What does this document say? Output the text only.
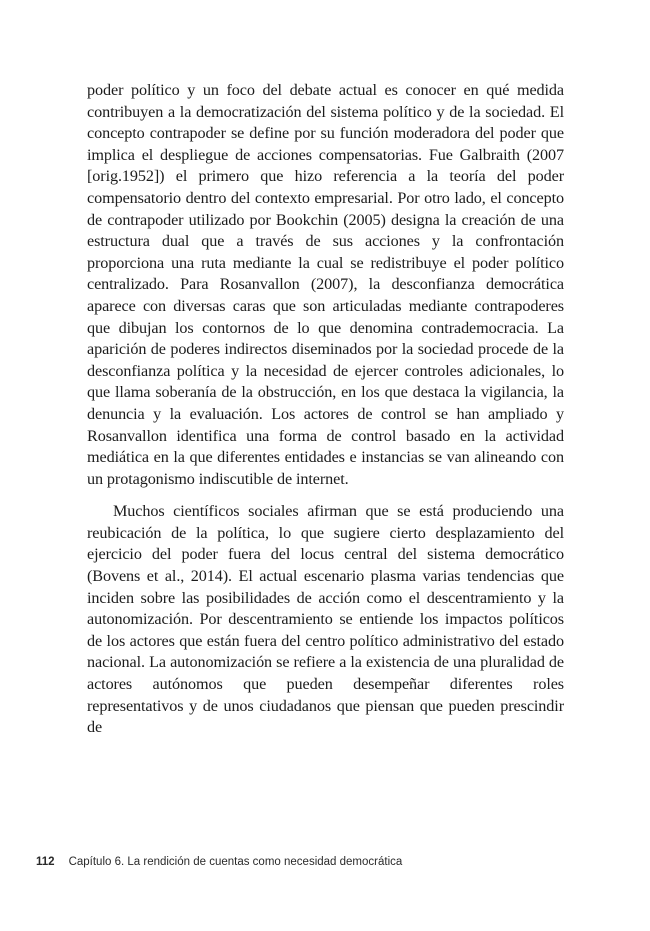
poder político y un foco del debate actual es conocer en qué medida contribuyen a la democratización del sistema político y de la sociedad. El concepto contrapoder se define por su función moderadora del poder que implica el despliegue de acciones compensatorias. Fue Galbraith (2007 [orig.1952]) el primero que hizo referencia a la teoría del poder compensatorio dentro del contexto empresarial. Por otro lado, el concepto de contrapoder utilizado por Bookchin (2005) designa la creación de una estructura dual que a través de sus acciones y la confrontación proporciona una ruta mediante la cual se redistribuye el poder político centralizado. Para Rosanvallon (2007), la desconfianza democrática aparece con diversas caras que son articuladas mediante contrapoderes que dibujan los contornos de lo que denomina contrademocracia. La aparición de poderes indirectos diseminados por la sociedad procede de la desconfianza política y la necesidad de ejercer controles adicionales, lo que llama soberanía de la obstrucción, en los que destaca la vigilancia, la denuncia y la evaluación. Los actores de control se han ampliado y Rosanvallon identifica una forma de control basado en la actividad mediática en la que diferentes entidades e instancias se van alineando con un protagonismo indiscutible de internet.

Muchos científicos sociales afirman que se está produciendo una reubicación de la política, lo que sugiere cierto desplazamiento del ejercicio del poder fuera del locus central del sistema democrático (Bovens et al., 2014). El actual escenario plasma varias tendencias que inciden sobre las posibilidades de acción como el descentramiento y la autonomización. Por descentramiento se entiende los impactos políticos de los actores que están fuera del centro político administrativo del estado nacional. La autonomización se refiere a la existencia de una pluralidad de actores autónomos que pueden desempeñar diferentes roles representativos y de unos ciudadanos que piensan que pueden prescindir de

112 Capítulo 6. La rendición de cuentas como necesidad democrática
